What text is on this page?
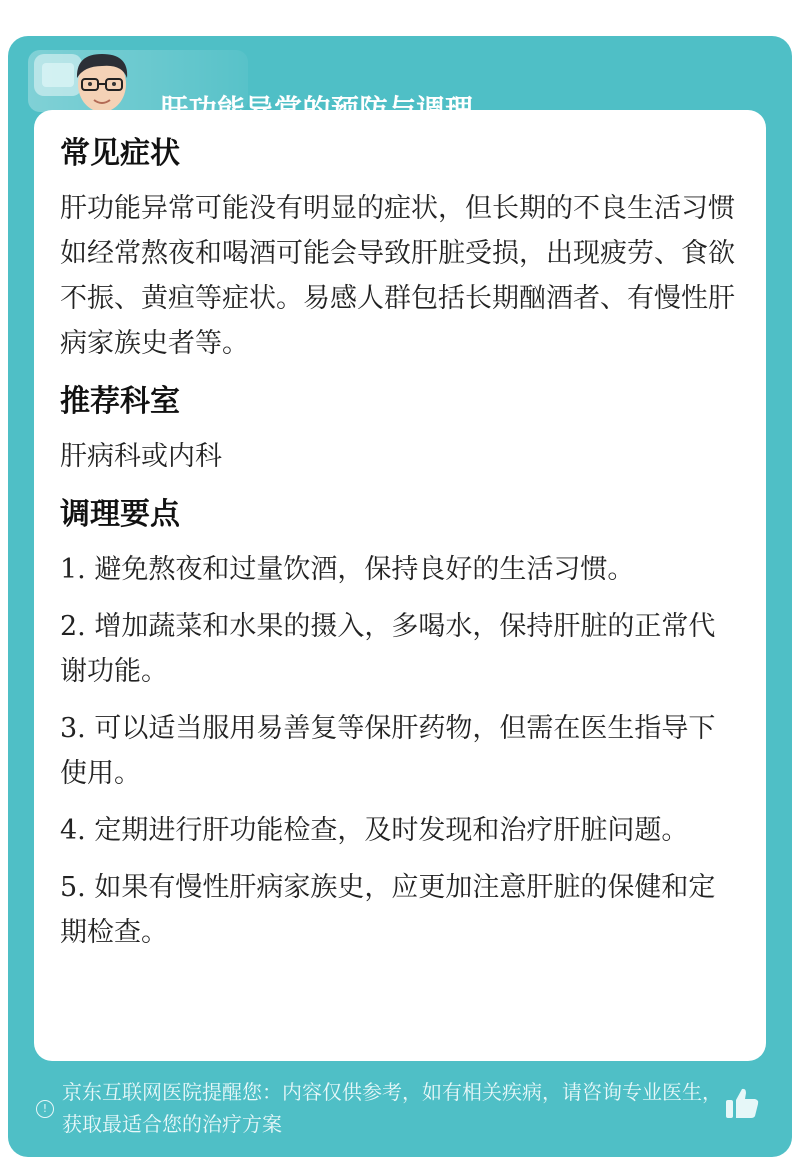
常见症状
肝功能异常可能没有明显的症状，但长期的不良生活习惯如经常熬夜和喝酒可能会导致肝脏受损，出现疲劳、食欲不振、黄疸等症状。易感人群包括长期酗酒者、有慢性肝病家族史者等。
推荐科室
肝病科或内科
调理要点
1. 避免熬夜和过量饮酒，保持良好的生活习惯。
2. 增加蔬菜和水果的摄入，多喝水，保持肝脏的正常代谢功能。
3. 可以适当服用易善复等保肝药物，但需在医生指导下使用。
4. 定期进行肝功能检查，及时发现和治疗肝脏问题。
5. 如果有慢性肝病家族史，应更加注意肝脏的保健和定期检查。
!
京东互联网医院提醒您：内容仅供参考，如有相关疾病，请咨询专业医生，获取最适合您的治疗方案
